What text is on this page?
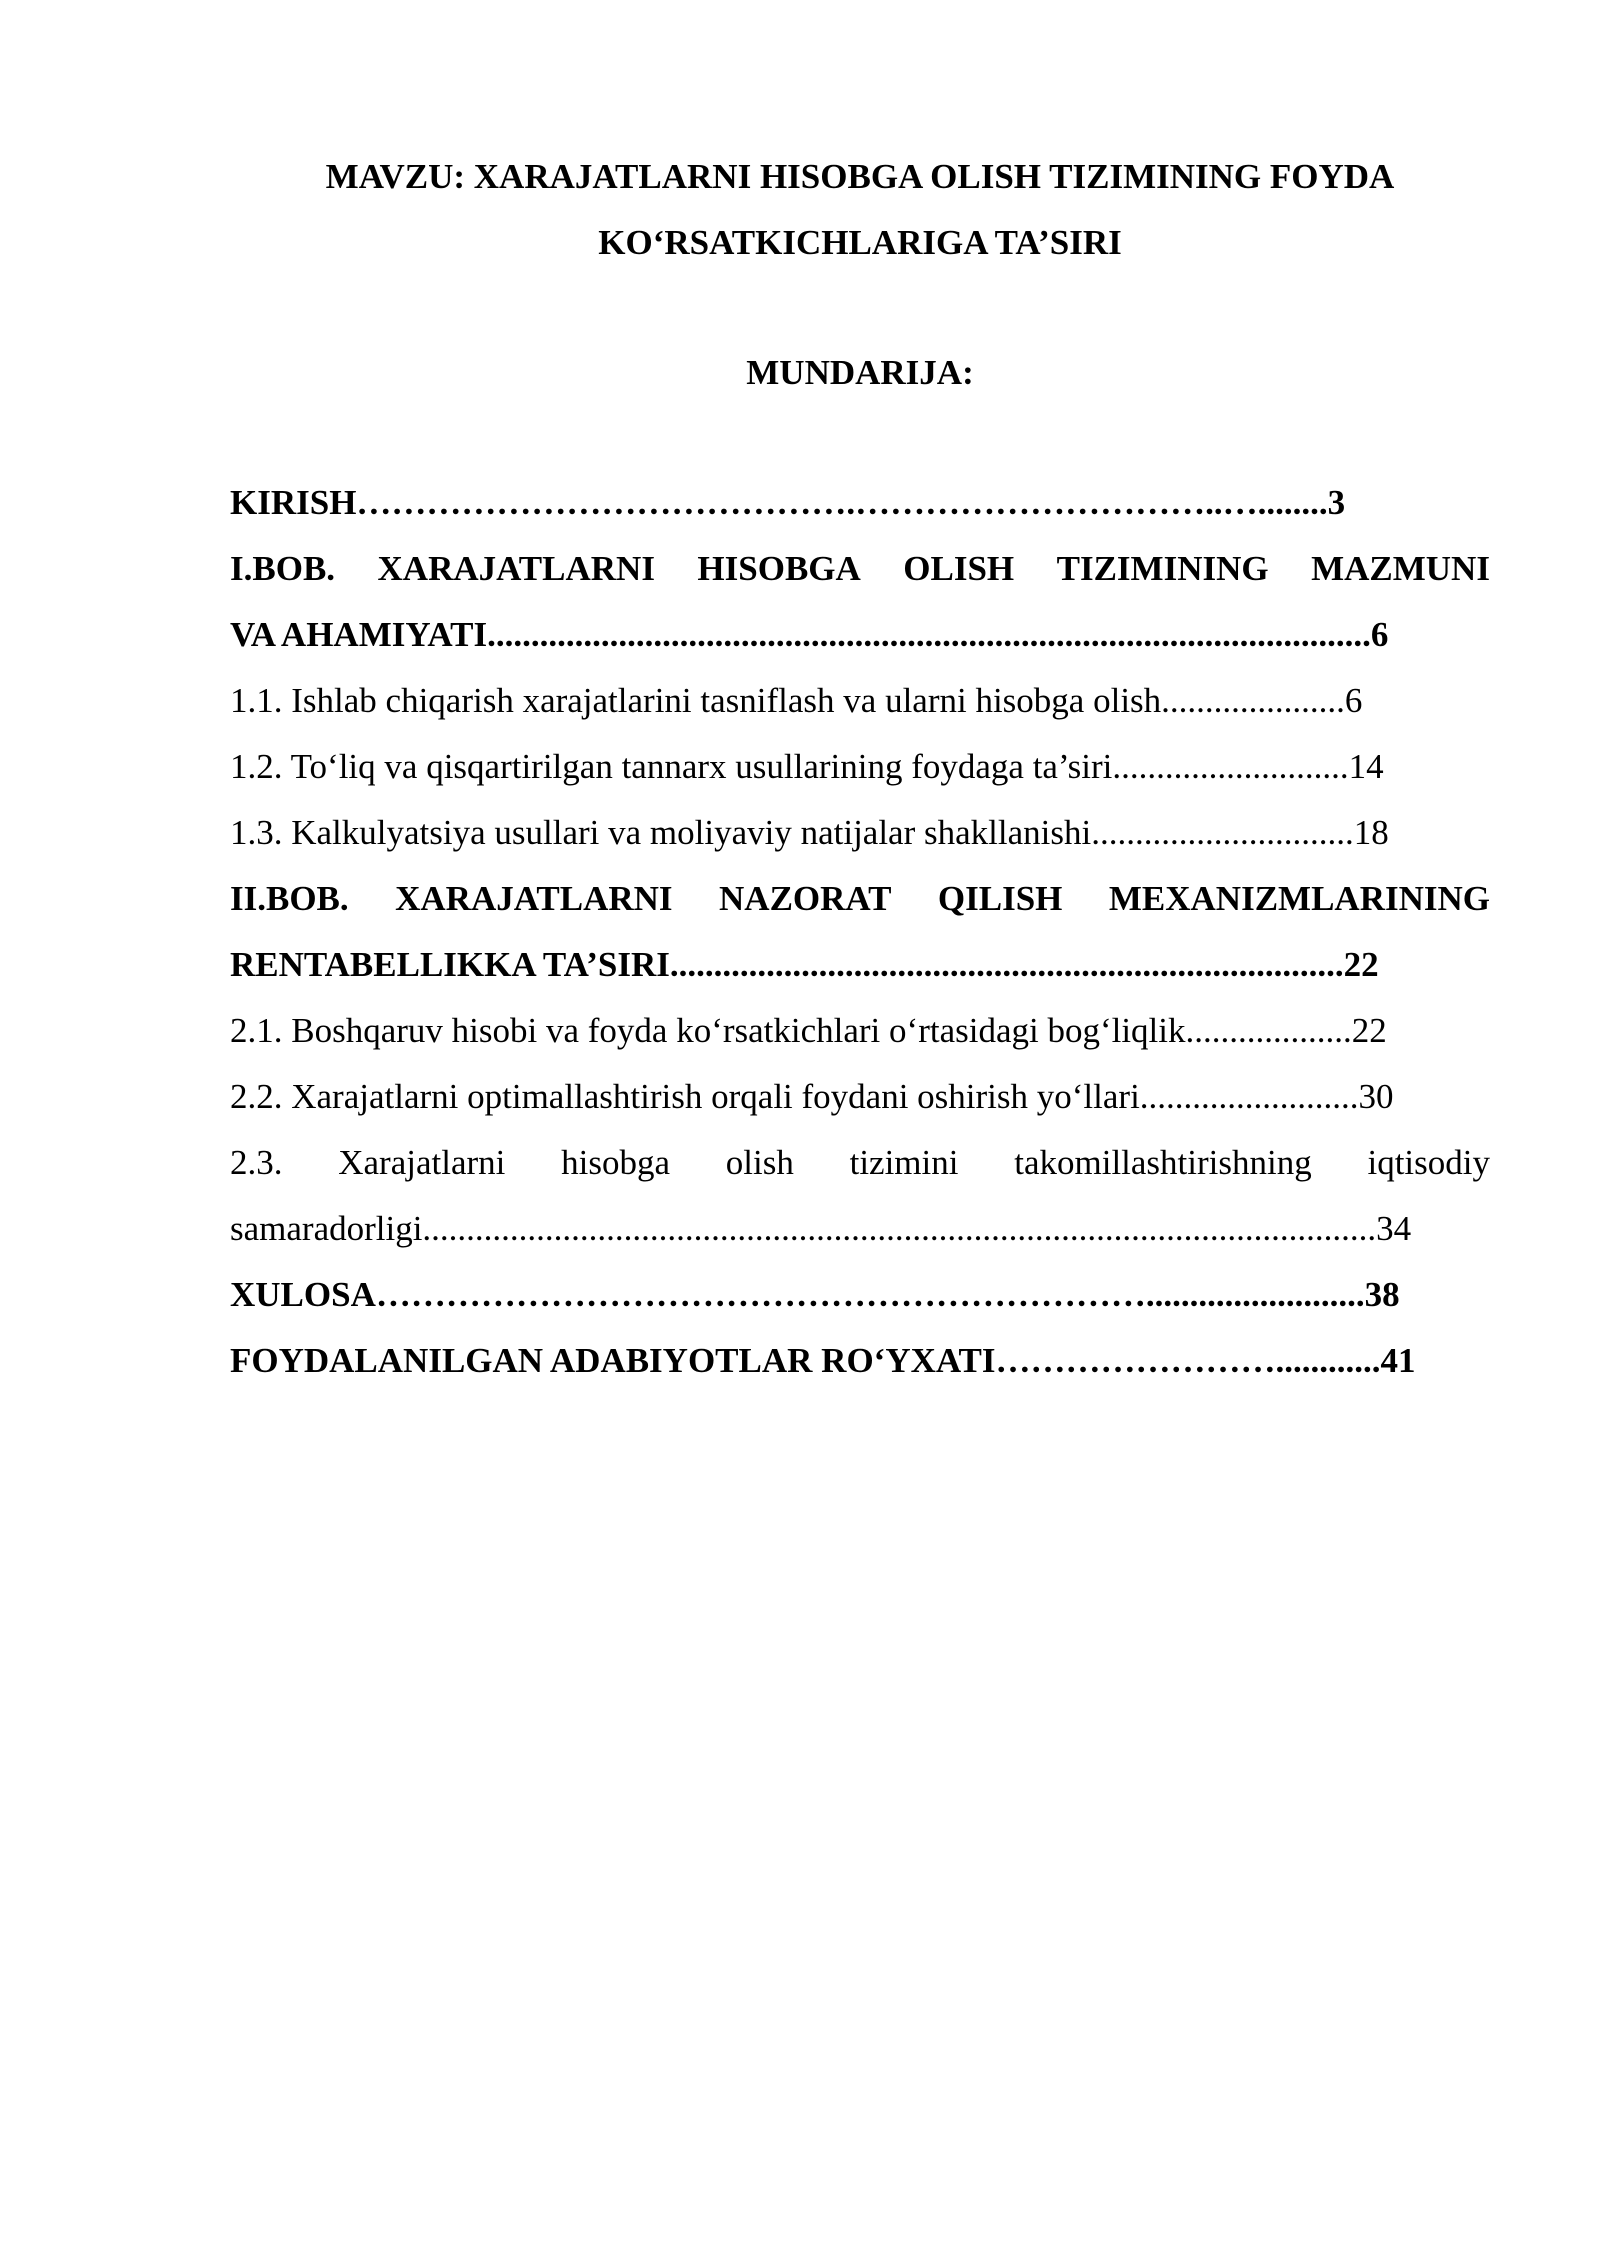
MAVZU: XARAJATLARNI HISOBGA OLISH TIZIMINING FOYDA
KO‘RSATKICHLARIGA TA’SIRI
MUNDARIJA:
KIRISH…………………………………….…………………………..…........3
I.BOB. XARAJATLARNI HISOBGA OLISH TIZIMINING MAZMUNI
VA AHAMIYATI.....................................................................................................6
1.1. Ishlab chiqarish xarajatlarini tasniflash va ularni hisobga olish.....................6
1.2. To‘liq va qisqartirilgan tannarx usullarining foydaga ta’siri...........................14
1.3. Kalkulyatsiya usullari va moliyaviy natijalar shakllanishi..............................18
II.BOB. XARAJATLARNI NAZORAT QILISH MEXANIZMLARINING
RENTABELLIKKA TA’SIRI.............................................................................22
2.1. Boshqaruv hisobi va foyda ko‘rsatkichlari o‘rtasidagi bog‘liqlik...................22
2.2. Xarajatlarni optimallashtirish orqali foydani oshirish yo‘llari.........................30
2.3. Xarajatlarni hisobga olish tizimini takomillashtirishning iqtisodiy
samaradorligi.............................................................................................................34
XULOSA………………………………………………………….........................38
FOYDALANILGAN ADABIYOTLAR RO‘YXATI……………………............41
